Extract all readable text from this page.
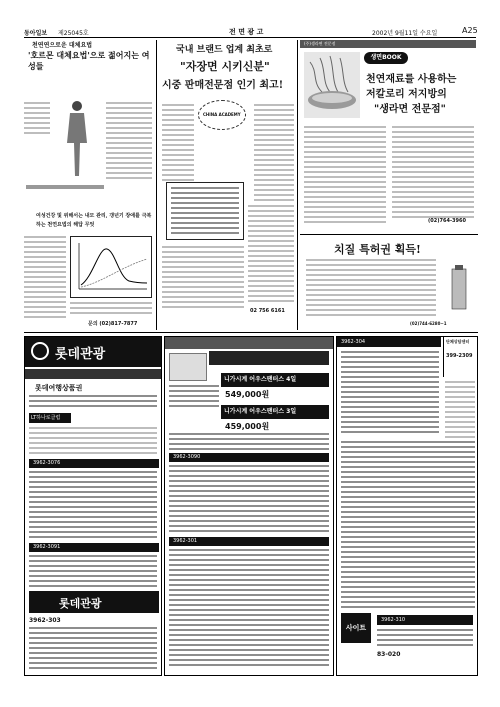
동아일보 제25045호	전 면 광 고	2002년 9월11일 수요일	A25
천연연으로운 대체요법
'호르몬 대체요법'으로 젊어지는 여성들
여성건강 및 위해서는 내모 관리, 갱년기 장애를 극복하는 천연요법의 해답 무엇
문의 (02)817-7877
국내 브랜드 업계 최초로
"자장면 시키신분"
시중 판매전문점 인기 최고!
CHINA ACADEMY
02 756 6161
(주)생라면 전문점
생면BOOK
천연재료를 사용하는
저칼로리 저지방의
"생라면 전문점"
(02)764-3960
치질 특허권 획득!
(02)744-6280~1
롯데관광
롯데여행상품권
LT하나로클럽
3962-3076
3962-3091
롯데관광
3962-303
니가시계 어우스팬터스 4일
549,000원
니가시계 어우스팬터스 3일
459,000원
3962-3090
3962-301
3962-304	단체상담센터
399-2309
사이트
3962-310
83-020
